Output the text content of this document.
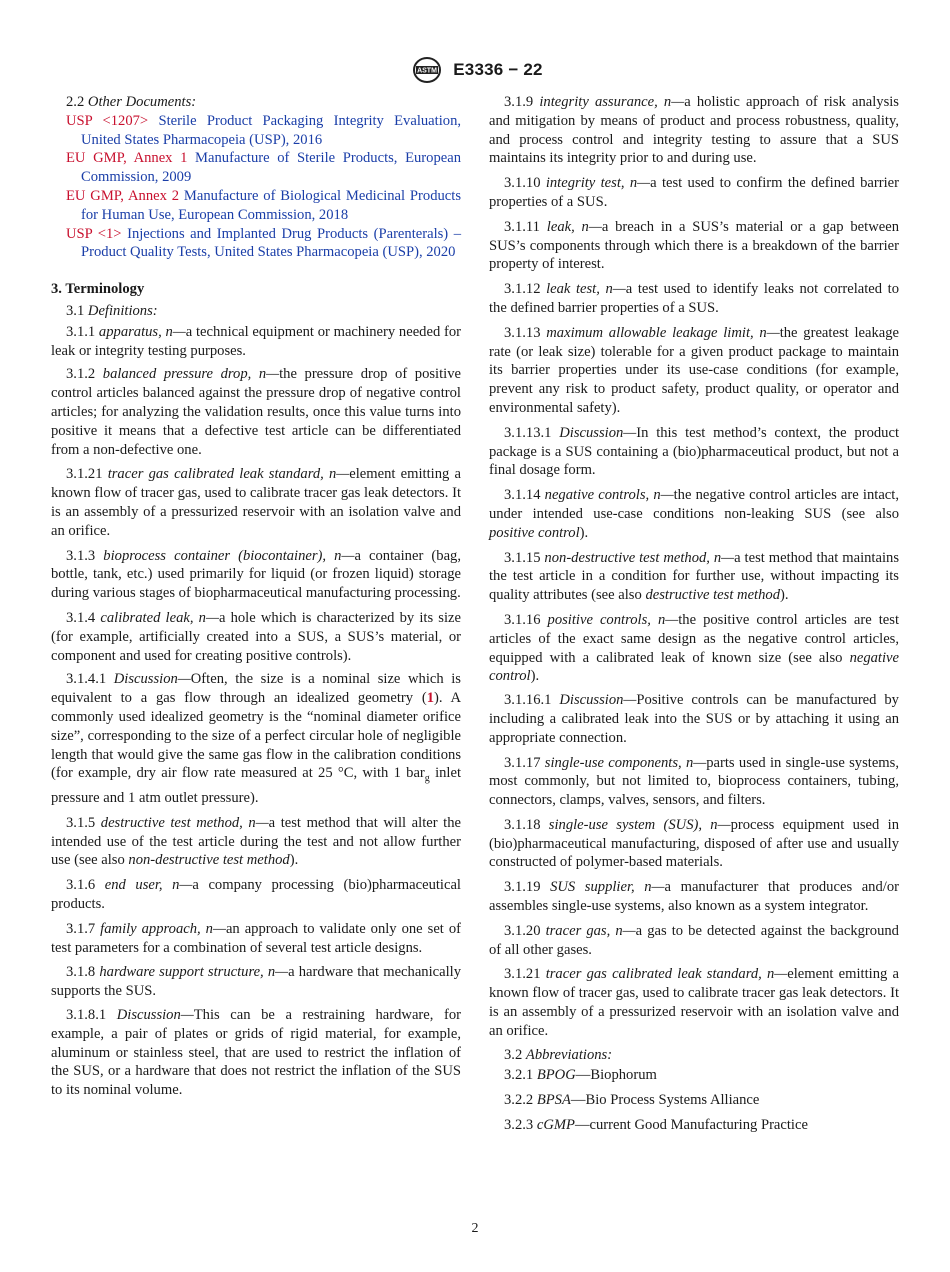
ASTM E3336 − 22

2.2 Other Documents:

USP <1207> Sterile Product Packaging Integrity Evaluation, United States Pharmacopeia (USP), 2016
EU GMP, Annex 1 Manufacture of Sterile Products, European Commission, 2009
EU GMP, Annex 2 Manufacture of Biological Medicinal Products for Human Use, European Commission, 2018
USP <1> Injections and Implanted Drug Products (Parenterals) – Product Quality Tests, United States Pharmacopeia (USP), 2020

3. Terminology

3.1 Definitions:

3.1.1 apparatus, n—a technical equipment or machinery needed for leak or integrity testing purposes.

3.1.2 balanced pressure drop, n—the pressure drop of positive control articles balanced against the pressure drop of negative control articles; for analyzing the validation results, once this value turns into positive it means that a defective test article can be differentiated from a non-defective one.

3.1.21 tracer gas calibrated leak standard, n—element emitting a known flow of tracer gas, used to calibrate tracer gas leak detectors. It is an assembly of a pressurized reservoir with an isolation valve and an orifice.

3.1.3 bioprocess container (biocontainer), n—a container (bag, bottle, tank, etc.) used primarily for liquid (or frozen liquid) storage during various stages of biopharmaceutical manufacturing processing.

3.1.4 calibrated leak, n—a hole which is characterized by its size (for example, artificially created into a SUS, a SUS’s material, or component and used for creating positive controls).

3.1.4.1 Discussion—Often, the size is a nominal size which is equivalent to a gas flow through an idealized geometry (1). A commonly used idealized geometry is the “nominal diameter orifice size”, corresponding to the size of a perfect circular hole of negligible length that would give the same gas flow in the calibration conditions (for example, dry air flow rate measured at 25 °C, with 1 bar$_g$ inlet pressure and 1 atm outlet pressure).

3.1.5 destructive test method, n—a test method that will alter the intended use of the test article during the test and not allow further use (see also non-destructive test method).

3.1.6 end user, n—a company processing (bio)pharmaceutical products.

3.1.7 family approach, n—an approach to validate only one set of test parameters for a combination of several test article designs.

3.1.8 hardware support structure, n—a hardware that mechanically supports the SUS.

3.1.8.1 Discussion—This can be a restraining hardware, for example, a pair of plates or grids of rigid material, for example, aluminum or stainless steel, that are used to restrict the inflation of the SUS, or a hardware that does not restrict the inflation of the SUS to its nominal volume.

3.1.9 integrity assurance, n—a holistic approach of risk analysis and mitigation by means of product and process robustness, quality, and process control and integrity testing to assure that a SUS maintains its integrity prior to and during use.

3.1.10 integrity test, n—a test used to confirm the defined barrier properties of a SUS.

3.1.11 leak, n—a breach in a SUS’s material or a gap between SUS’s components through which there is a breakdown of the barrier property of interest.

3.1.12 leak test, n—a test used to identify leaks not correlated to the defined barrier properties of a SUS.

3.1.13 maximum allowable leakage limit, n—the greatest leakage rate (or leak size) tolerable for a given product package to maintain its barrier properties under its use-case conditions (for example, prevent any risk to product safety, product quality, or operator and environmental safety).

3.1.13.1 Discussion—In this test method’s context, the product package is a SUS containing a (bio)pharmaceutical product, but not a final dosage form.

3.1.14 negative controls, n—the negative control articles are intact, under intended use-case conditions non-leaking SUS (see also positive control).

3.1.15 non-destructive test method, n—a test method that maintains the test article in a condition for further use, without impacting its quality attributes (see also destructive test method).

3.1.16 positive controls, n—the positive control articles are test articles of the exact same design as the negative control articles, equipped with a calibrated leak of known size (see also negative control).

3.1.16.1 Discussion—Positive controls can be manufactured by including a calibrated leak into the SUS or by attaching it using an appropriate connection.

3.1.17 single-use components, n—parts used in single-use systems, most commonly, but not limited to, bioprocess containers, tubing, connectors, clamps, valves, sensors, and filters.

3.1.18 single-use system (SUS), n—process equipment used in (bio)pharmaceutical manufacturing, disposed of after use and usually constructed of polymer-based materials.

3.1.19 SUS supplier, n—a manufacturer that produces and/or assembles single-use systems, also known as a system integrator.

3.1.20 tracer gas, n—a gas to be detected against the background of all other gases.

3.1.21 tracer gas calibrated leak standard, n—element emitting a known flow of tracer gas, used to calibrate tracer gas leak detectors. It is an assembly of a pressurized reservoir with an isolation valve and an orifice.

3.2 Abbreviations:

3.2.1 BPOG—Biophorum

3.2.2 BPSA—Bio Process Systems Alliance

3.2.3 cGMP—current Good Manufacturing Practice

2
